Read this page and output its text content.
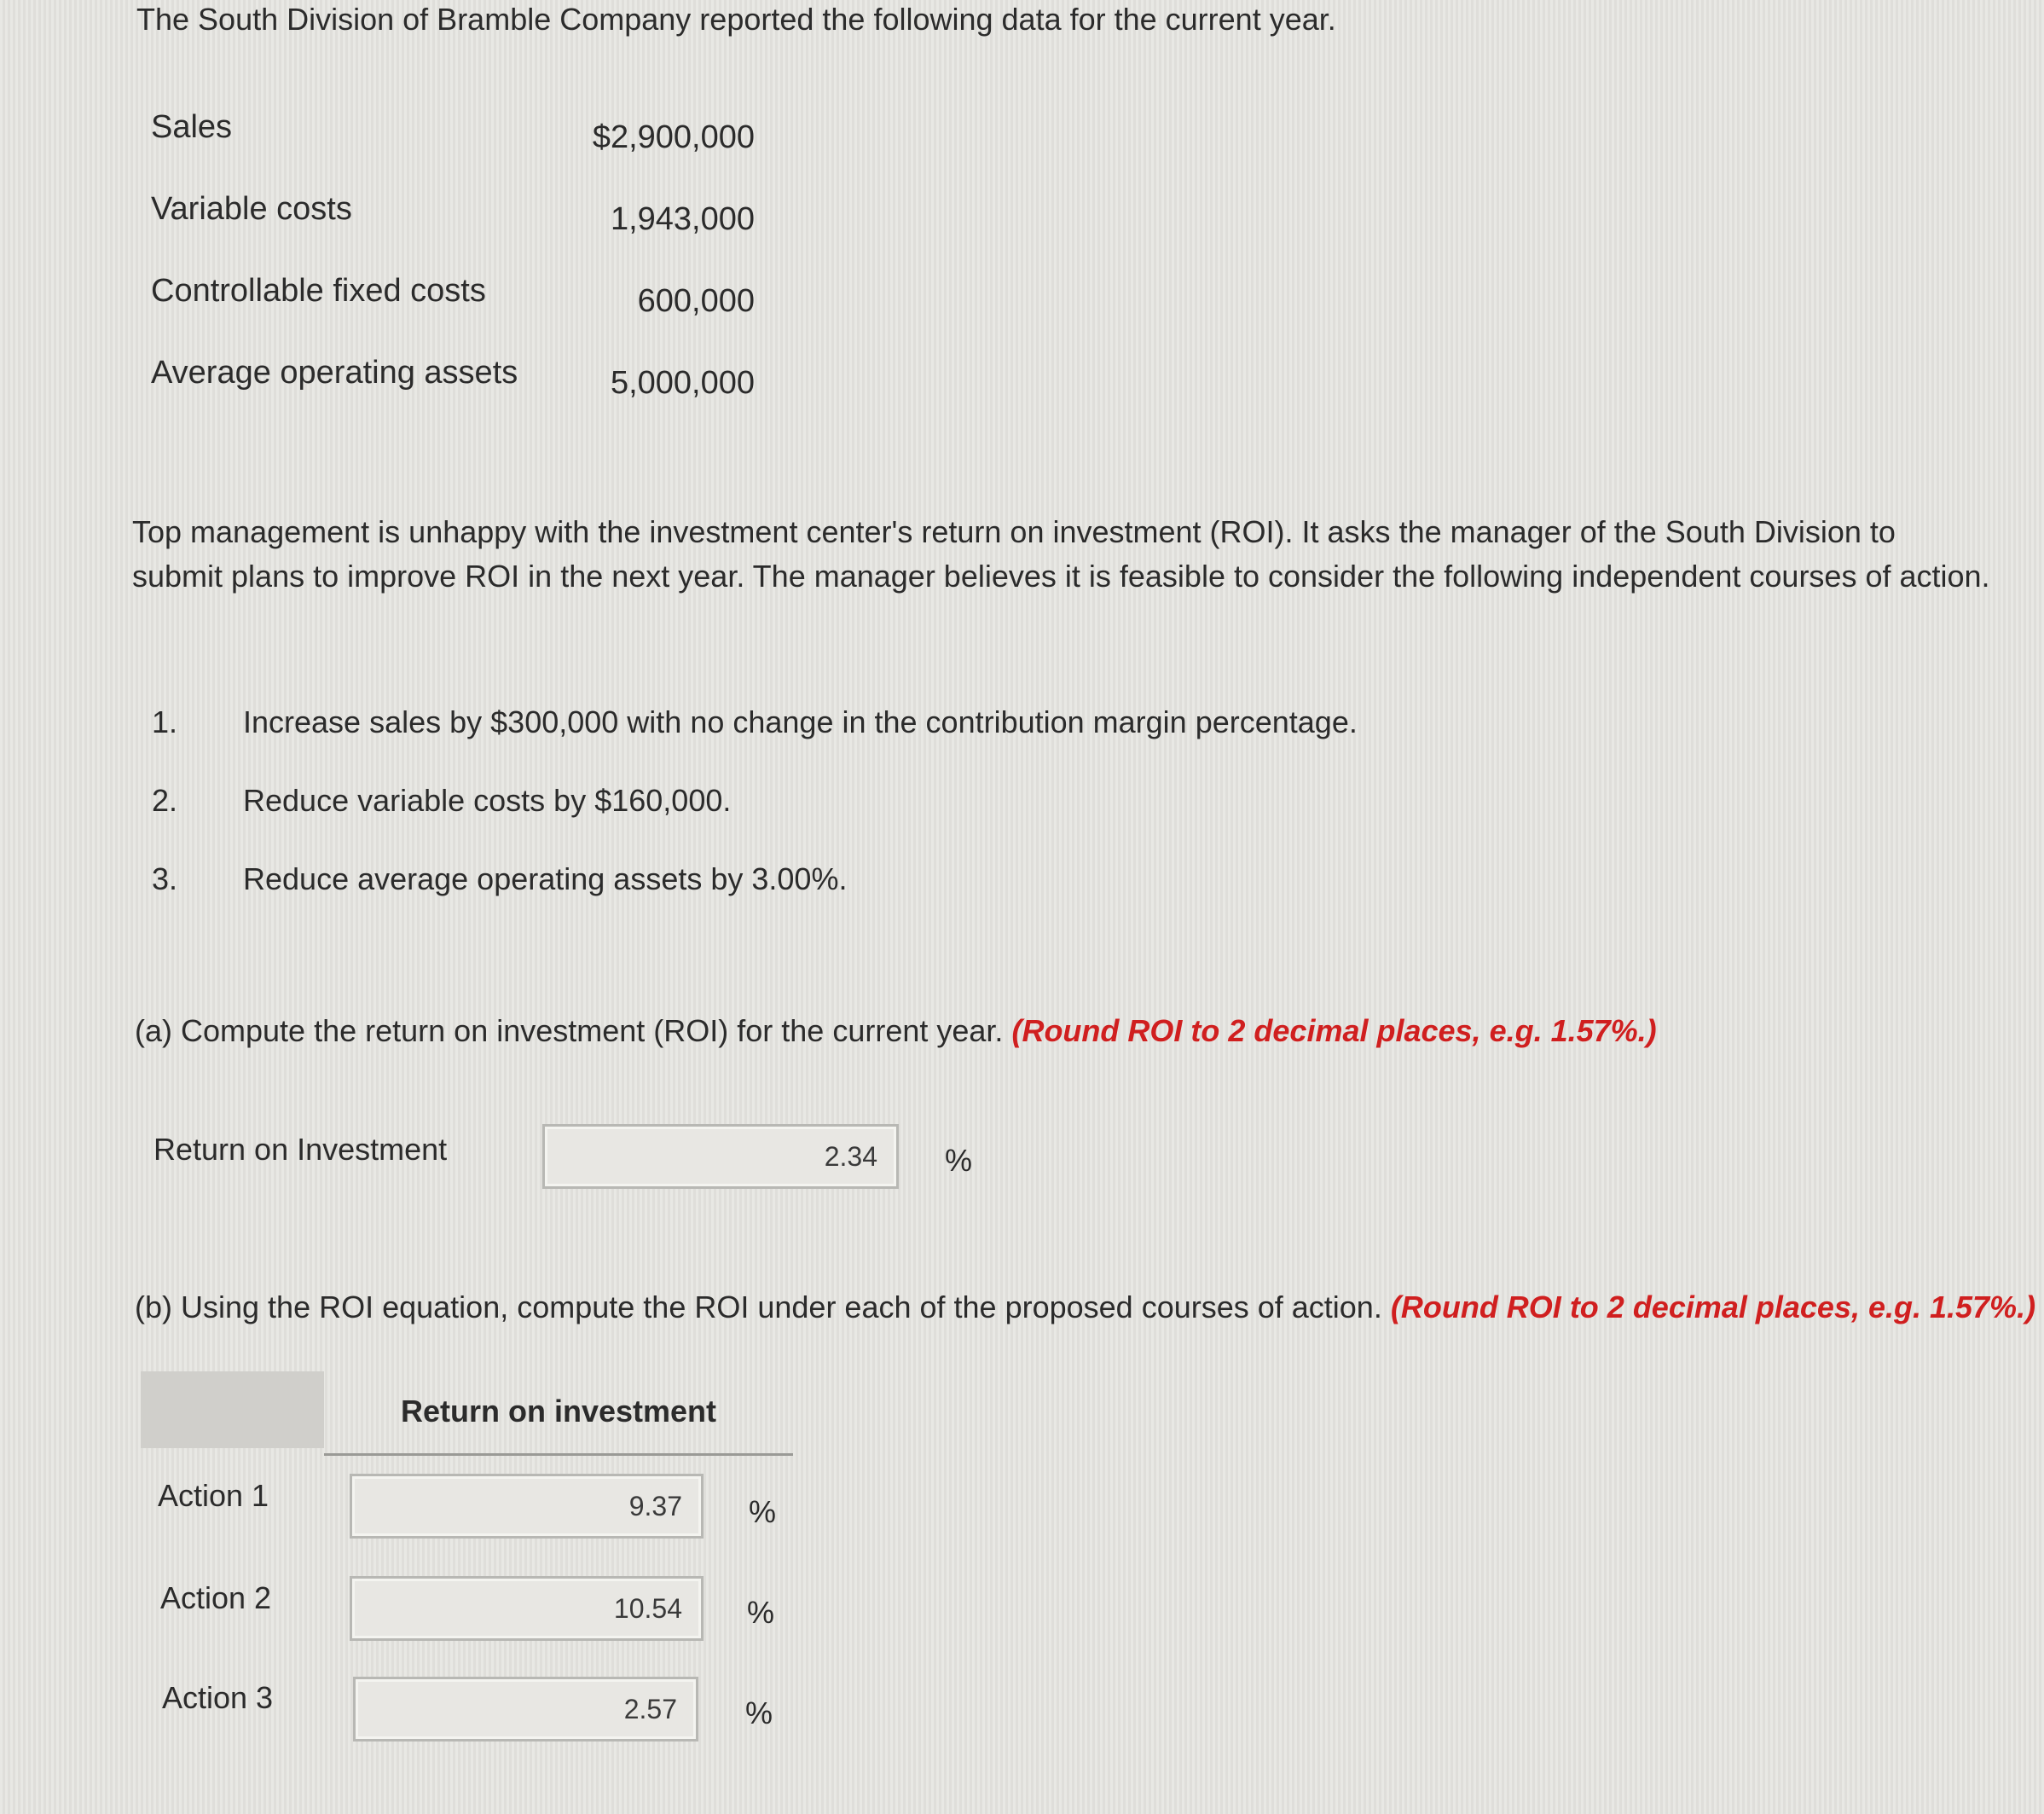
The South Division of Bramble Company reported the following data for the current year.
Sales	$2,900,000
Variable costs	1,943,000
Controllable fixed costs	600,000
Average operating assets	5,000,000
Top management is unhappy with the investment center's return on investment (ROI). It asks the manager of the South Division to submit plans to improve ROI in the next year. The manager believes it is feasible to consider the following independent courses of action.
1. Increase sales by $300,000 with no change in the contribution margin percentage.
2. Reduce variable costs by $160,000.
3. Reduce average operating assets by 3.00%.
(a) Compute the return on investment (ROI) for the current year. (Round ROI to 2 decimal places, e.g. 1.57%.)
Return on Investment	2.34 %
(b) Using the ROI equation, compute the ROI under each of the proposed courses of action. (Round ROI to 2 decimal places, e.g. 1.57%.)
Return on investment
Action 1	9.37 %
Action 2	10.54 %
Action 3	2.57 %
